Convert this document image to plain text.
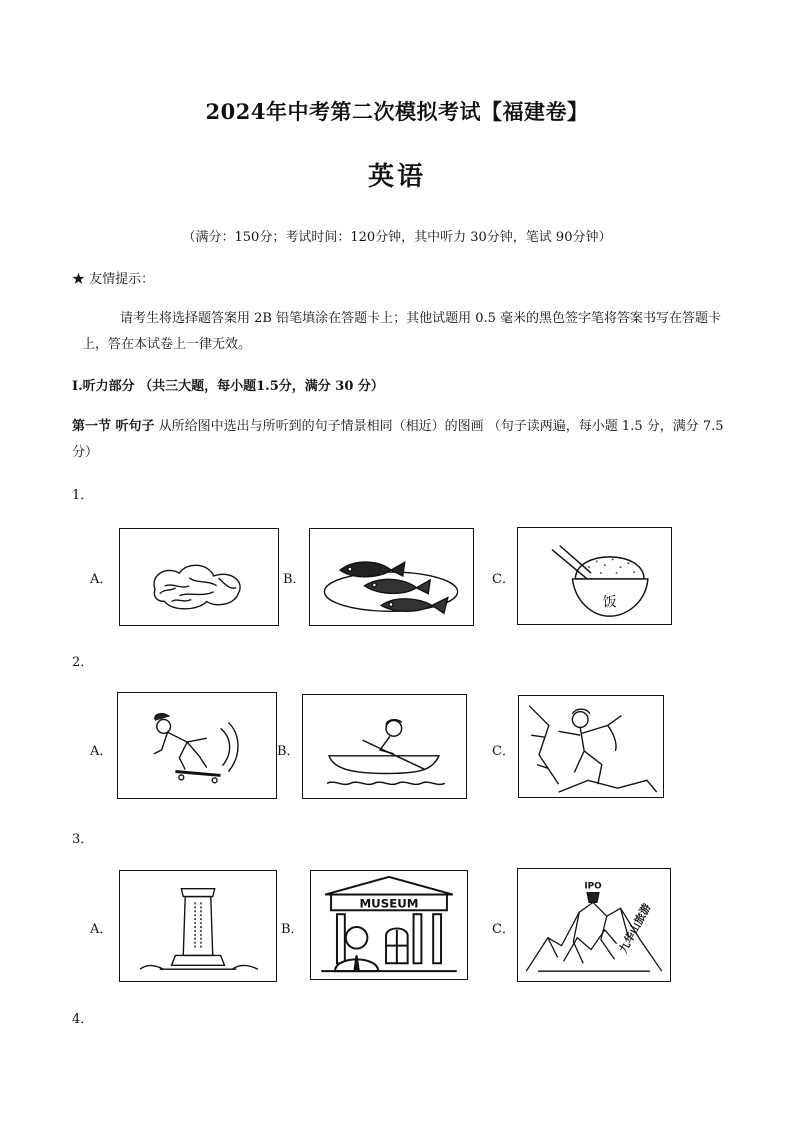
2024年中考第二次模拟考试【福建卷】
英语
（满分：150分；考试时间：120分钟，其中听力 30分钟，笔试 90分钟）
★ 友情提示：
请考生将选择题答案用 2B 铅笔填涂在答题卡上；其他试题用 0.5 毫米的黑色签字笔将答案书写在答题卡上，答在本试卷上一律无效。
I.听力部分 （共三大题，每小题1.5分，满分 30 分）
第一节 听句子 从所给图中选出与所听到的句子情景相同（相近）的图画 （句子读两遍，每小题 1.5 分，满分 7.5 分）
1．
A．	B．	C．
饭
2．
A．	B．	C．
3．
A．	B．
MUSEUM
C．
IPO
九华山旅游
4．
